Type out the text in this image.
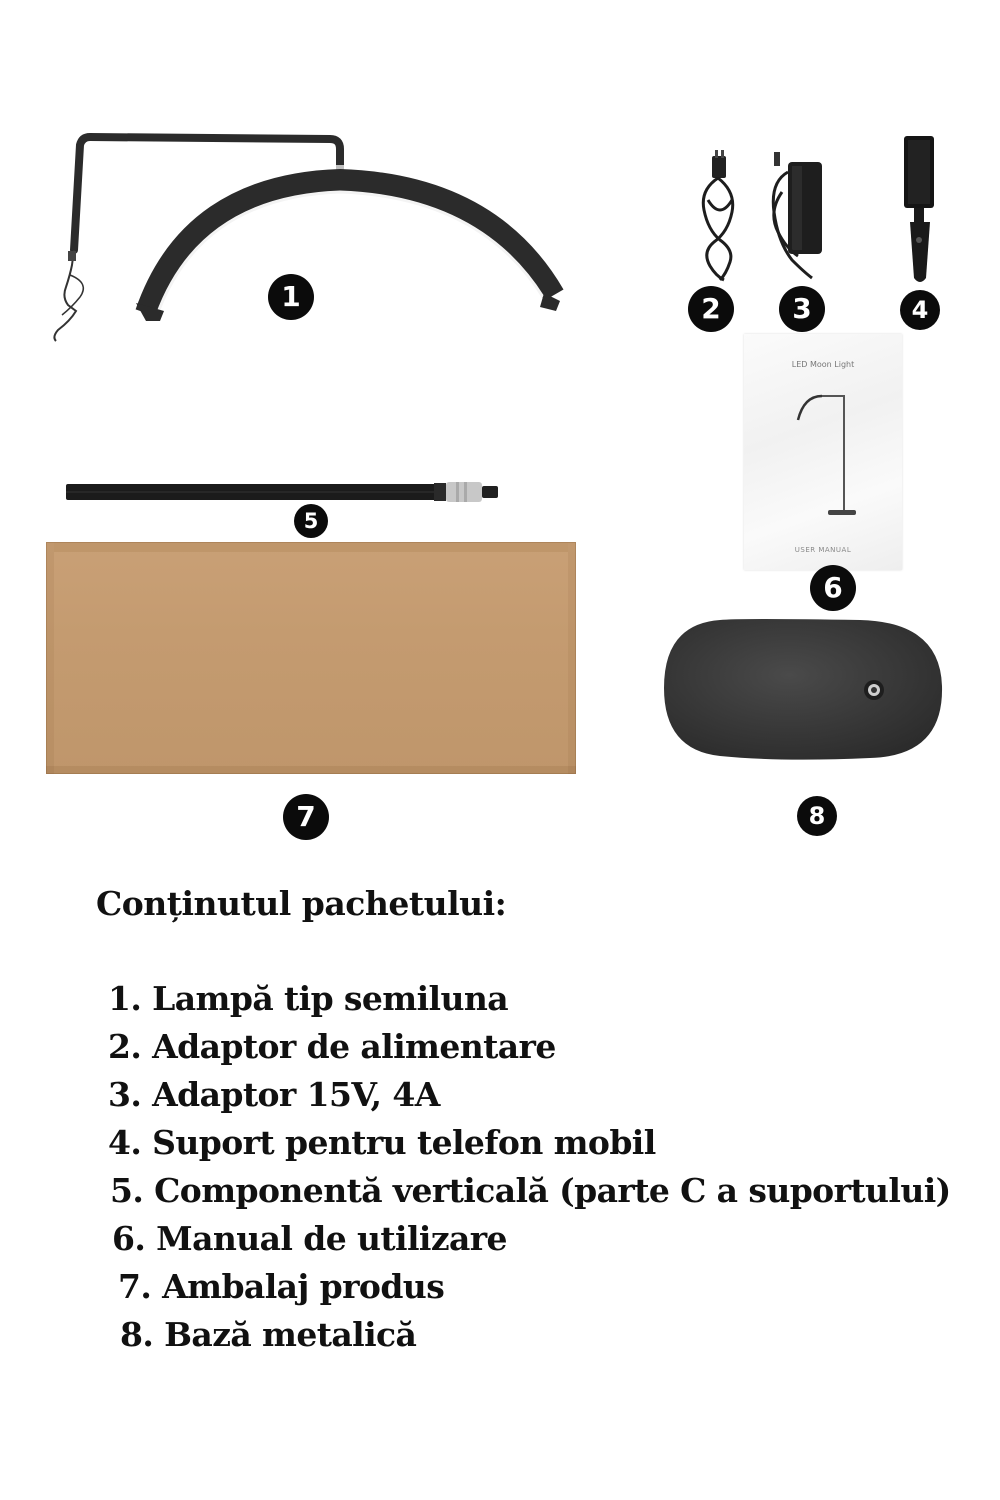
1	2	3	4
5
LED Moon Light
USER MANUAL
6
7	8
Conținutul pachetului:
1. Lampă tip semiluna
2. Adaptor de alimentare
3. Adaptor 15V, 4A
4. Suport pentru telefon mobil
5. Componentă verticală (parte C a suportului)
6. Manual de utilizare
7. Ambalaj produs
8. Bază metalică
